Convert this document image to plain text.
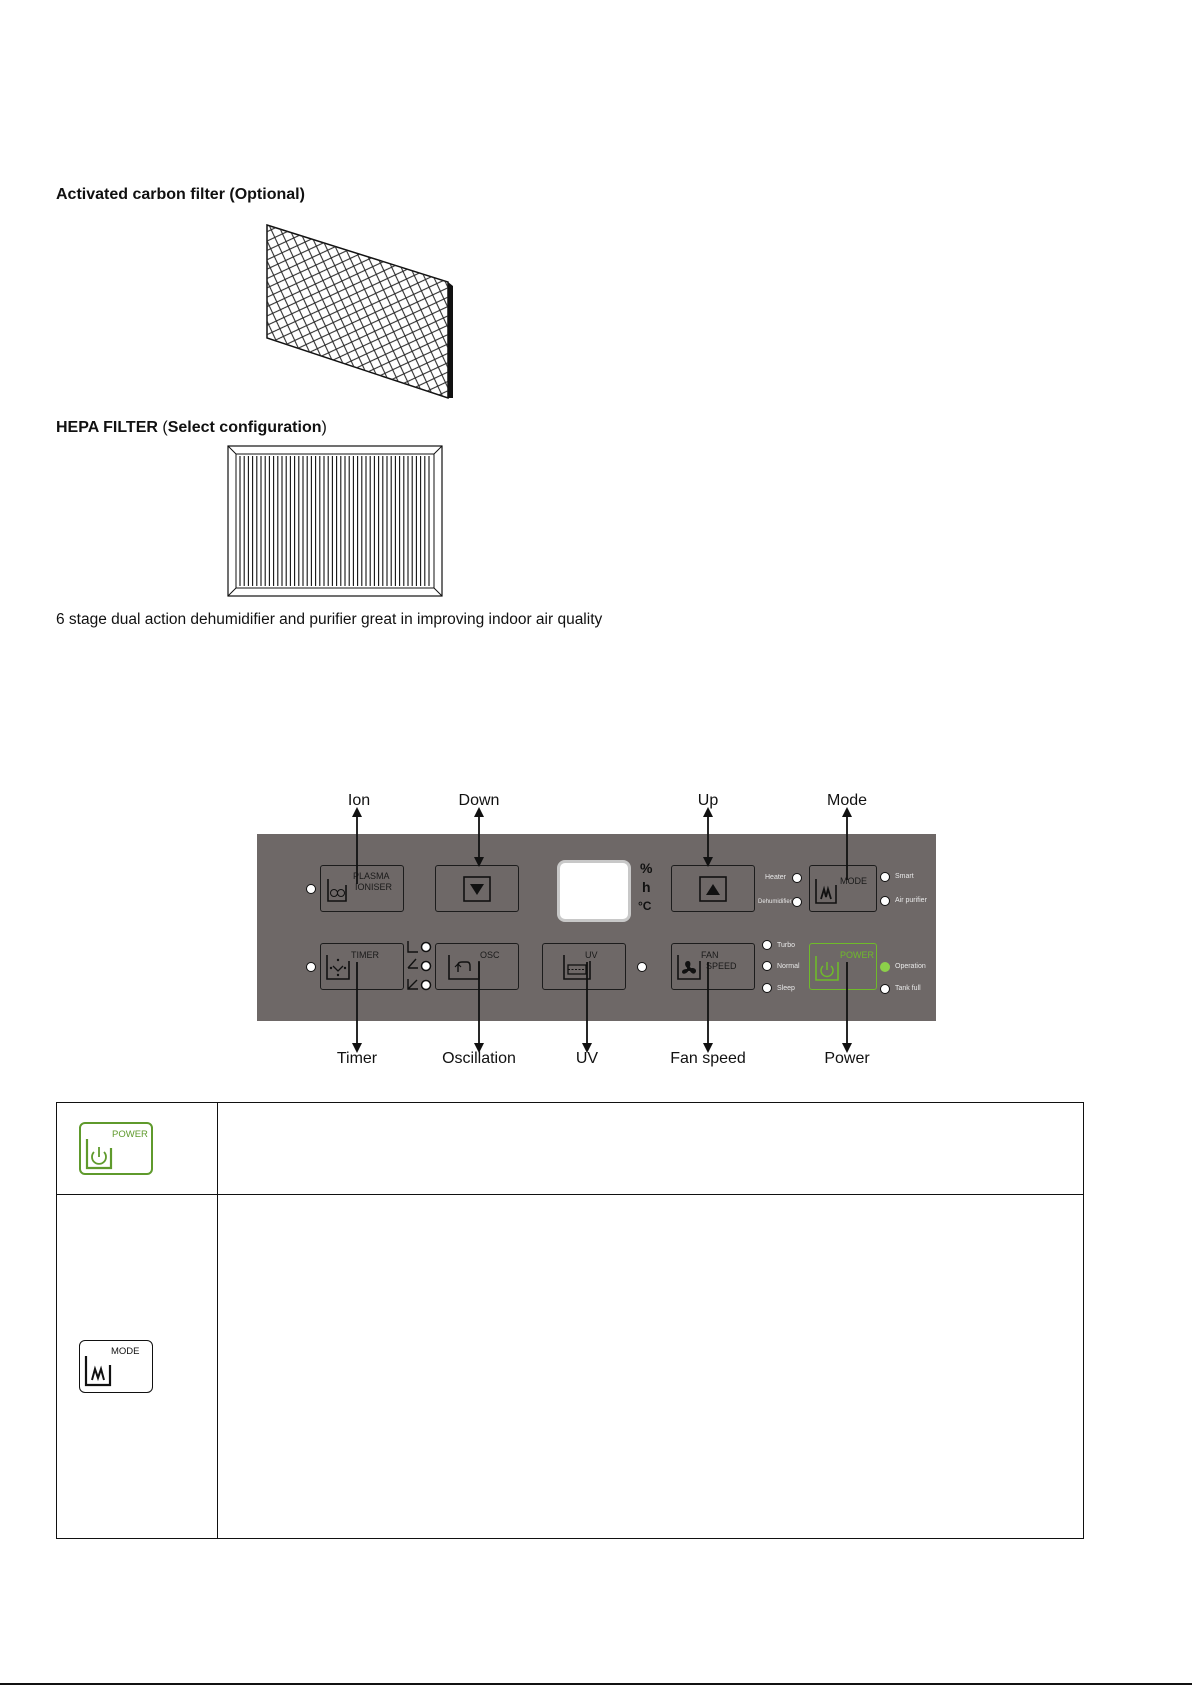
Activated carbon filter (Optional)
HEPA FILTER (Select configuration)
6 stage dual action dehumidifier and purifier great in improving indoor air quality
Ion	Down	Up	Mode
PLASMA
IONISER
%
h
°C
Heater
Dehumidifier
MODE	Smart
Air purifier
TIMER	OSC	UV	FAN
SPEED
Turbo
Normal
Sleep
POWER
Operation
Tank full
Timer	Oscillation	UV	Fan speed	Power
POWER	

MODE	
